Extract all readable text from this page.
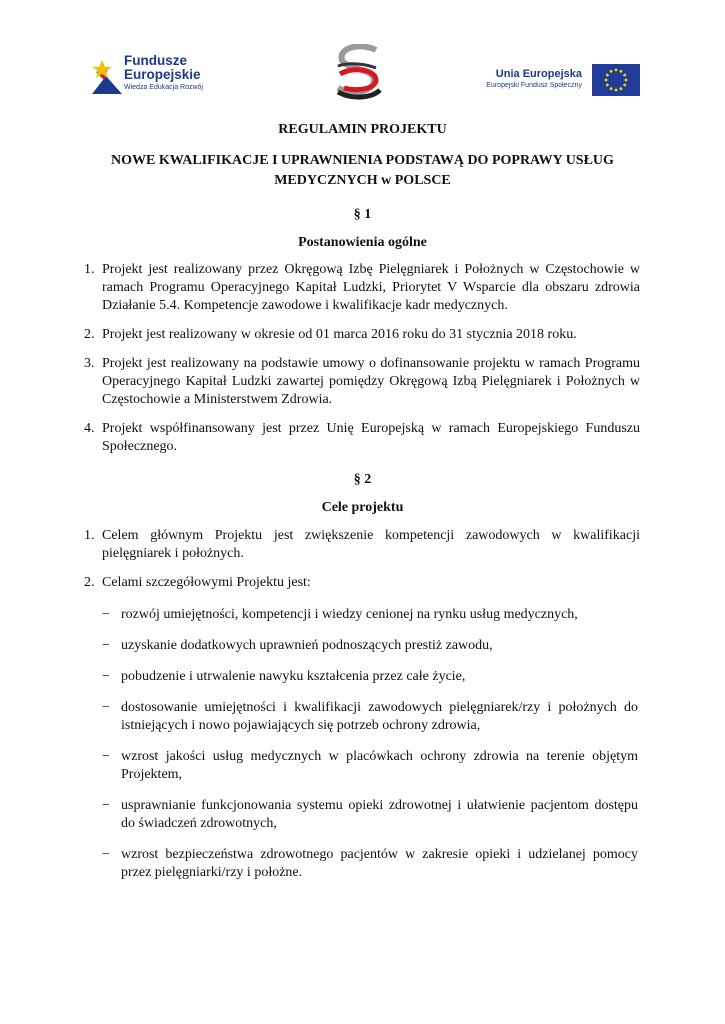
Fundusze
Europejskie
Wiedza Edukacja Rozwój
Unia Europejska
Europejski Fundusz Społeczny
REGULAMIN PROJEKTU
NOWE KWALIFIKACJE I UPRAWNIENIA PODSTAWĄ DO POPRAWY USŁUG
MEDYCZNYCH w POLSCE
§ 1
Postanowienia ogólne
1. Projekt jest realizowany przez Okręgową Izbę Pielęgniarek i Położnych w Częstochowie w ramach Programu Operacyjnego Kapitał Ludzki, Priorytet V Wsparcie dla obszaru zdrowia Działanie 5.4. Kompetencje zawodowe i kwalifikacje kadr medycznych.
2. Projekt jest realizowany w okresie od 01 marca 2016 roku do 31 stycznia 2018 roku.
3. Projekt jest realizowany na podstawie umowy o dofinansowanie projektu w ramach Programu Operacyjnego Kapitał Ludzki zawartej pomiędzy Okręgową Izbą Pielęgniarek i Położnych w Częstochowie a Ministerstwem Zdrowia.
4. Projekt współfinansowany jest przez Unię Europejską w ramach Europejskiego Funduszu Społecznego.
§ 2
Cele projektu
1. Celem głównym Projektu jest zwiększenie kompetencji zawodowych w kwalifikacji pielęgniarek i położnych.
2. Celami szczegółowymi Projektu jest:
− rozwój umiejętności, kompetencji i wiedzy cenionej na rynku usług medycznych,
− uzyskanie dodatkowych uprawnień podnoszących prestiż zawodu,
− pobudzenie i utrwalenie nawyku kształcenia przez całe życie,
− dostosowanie umiejętności i kwalifikacji zawodowych pielęgniarek/rzy i położnych do istniejących i nowo pojawiających się potrzeb ochrony zdrowia,
− wzrost jakości usług medycznych w placówkach ochrony zdrowia na terenie objętym Projektem,
− usprawnianie funkcjonowania systemu opieki zdrowotnej i ułatwienie pacjentom dostępu do świadczeń zdrowotnych,
− wzrost bezpieczeństwa zdrowotnego pacjentów w zakresie opieki i udzielanej pomocy przez pielęgniarki/rzy i położne.
